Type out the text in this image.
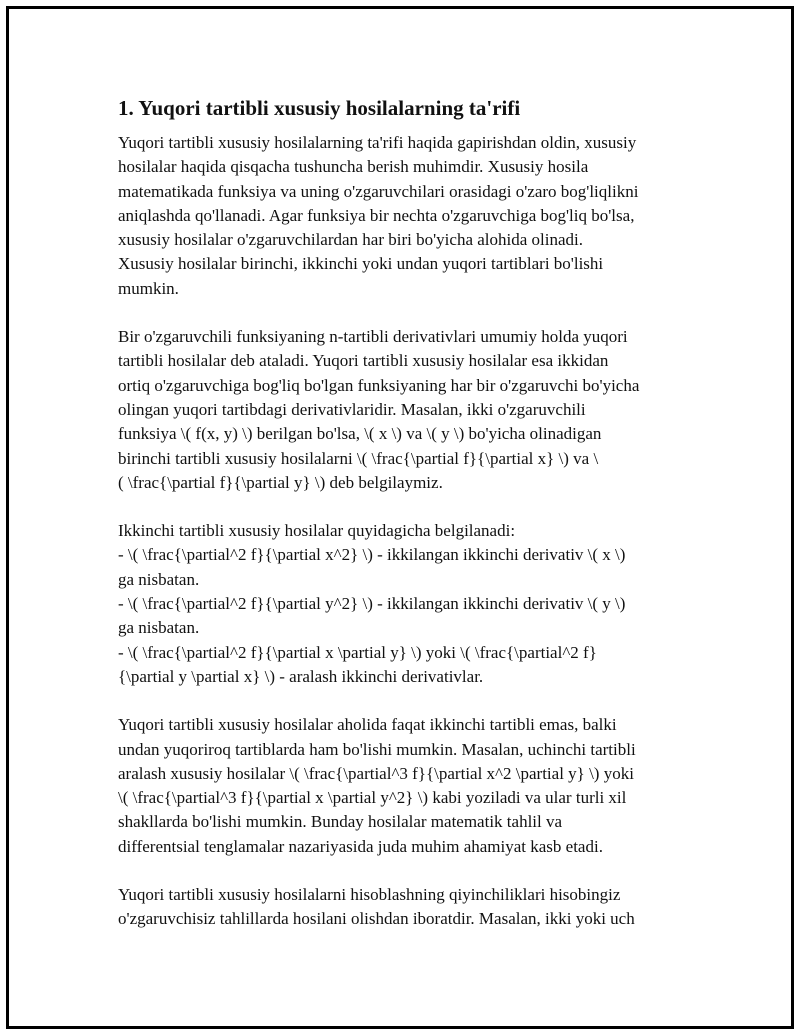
1. Yuqori tartibli xususiy hosilalarning ta'rifi

Yuqori tartibli xususiy hosilalarning ta'rifi haqida gapirishdan oldin, xususiy
hosilalar haqida qisqacha tushuncha berish muhimdir. Xususiy hosila
matematikada funksiya va uning o'zgaruvchilari orasidagi o'zaro bog'liqlikni
aniqlashda qo'llanadi. Agar funksiya bir nechta o'zgaruvchiga bog'liq bo'lsa,
xususiy hosilalar o'zgaruvchilardan har biri bo'yicha alohida olinadi.
Xususiy hosilalar birinchi, ikkinchi yoki undan yuqori tartiblari bo'lishi
mumkin.

Bir o'zgaruvchili funksiyaning n-tartibli derivativlari umumiy holda yuqori
tartibli hosilalar deb ataladi. Yuqori tartibli xususiy hosilalar esa ikkidan
ortiq o'zgaruvchiga bog'liq bo'lgan funksiyaning har bir o'zgaruvchi bo'yicha
olingan yuqori tartibdagi derivativlaridir. Masalan, ikki o'zgaruvchili
funksiya \( f(x, y) \) berilgan bo'lsa, \( x \) va \( y \) bo'yicha olinadigan
birinchi tartibli xususiy hosilalarni \( \frac{\partial f}{\partial x} \) va \
( \frac{\partial f}{\partial y} \) deb belgilaymiz.

Ikkinchi tartibli xususiy hosilalar quyidagicha belgilanadi:
- \( \frac{\partial^2 f}{\partial x^2} \) - ikkilangan ikkinchi derivativ \( x \)
ga nisbatan.
- \( \frac{\partial^2 f}{\partial y^2} \) - ikkilangan ikkinchi derivativ \( y \)
ga nisbatan.
- \( \frac{\partial^2 f}{\partial x \partial y} \) yoki \( \frac{\partial^2 f}
{\partial y \partial x} \) - aralash ikkinchi derivativlar.

Yuqori tartibli xususiy hosilalar aholida faqat ikkinchi tartibli emas, balki
undan yuqoriroq tartiblarda ham bo'lishi mumkin. Masalan, uchinchi tartibli
aralash xususiy hosilalar \( \frac{\partial^3 f}{\partial x^2 \partial y} \) yoki
\( \frac{\partial^3 f}{\partial x \partial y^2} \) kabi yoziladi va ular turli xil
shakllarda bo'lishi mumkin. Bunday hosilalar matematik tahlil va
differentsial tenglamalar nazariyasida juda muhim ahamiyat kasb etadi.

Yuqori tartibli xususiy hosilalarni hisoblashning qiyinchiliklari hisobingiz
o'zgaruvchisiz tahlillarda hosilani olishdan iboratdir. Masalan, ikki yoki uch
